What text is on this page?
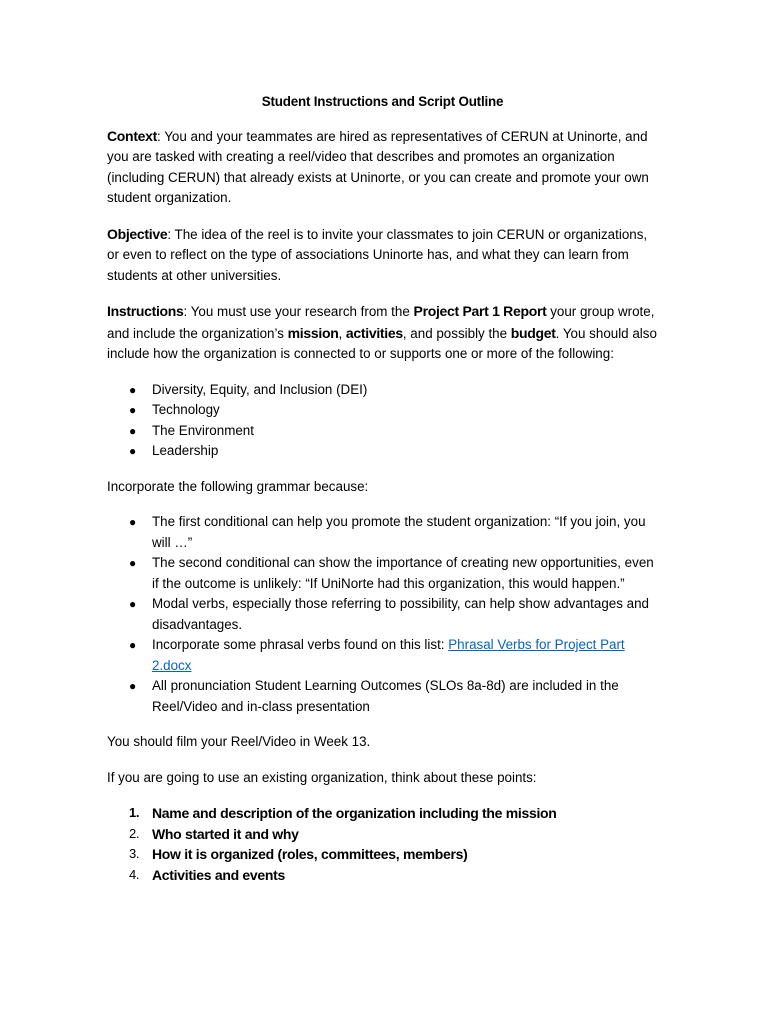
Student Instructions and Script Outline

Context: You and your teammates are hired as representatives of CERUN at Uninorte, and you are tasked with creating a reel/video that describes and promotes an organization (including CERUN) that already exists at Uninorte, or you can create and promote your own student organization.

Objective: The idea of the reel is to invite your classmates to join CERUN or organizations, or even to reflect on the type of associations Uninorte has, and what they can learn from students at other universities.

Instructions: You must use your research from the Project Part 1 Report your group wrote, and include the organization’s mission, activities, and possibly the budget. You should also include how the organization is connected to or supports one or more of the following:

● Diversity, Equity, and Inclusion (DEI)
● Technology
● The Environment
● Leadership

Incorporate the following grammar because:

● The first conditional can help you promote the student organization: “If you join, you will …”
● The second conditional can show the importance of creating new opportunities, even if the outcome is unlikely: “If UniNorte had this organization, this would happen.”
● Modal verbs, especially those referring to possibility, can help show advantages and disadvantages.
● Incorporate some phrasal verbs found on this list: Phrasal Verbs for Project Part 2.docx
● All pronunciation Student Learning Outcomes (SLOs 8a-8d) are included in the Reel/Video and in-class presentation

You should film your Reel/Video in Week 13.

If you are going to use an existing organization, think about these points:

1. Name and description of the organization including the mission
2. Who started it and why
3. How it is organized (roles, committees, members)
4. Activities and events
